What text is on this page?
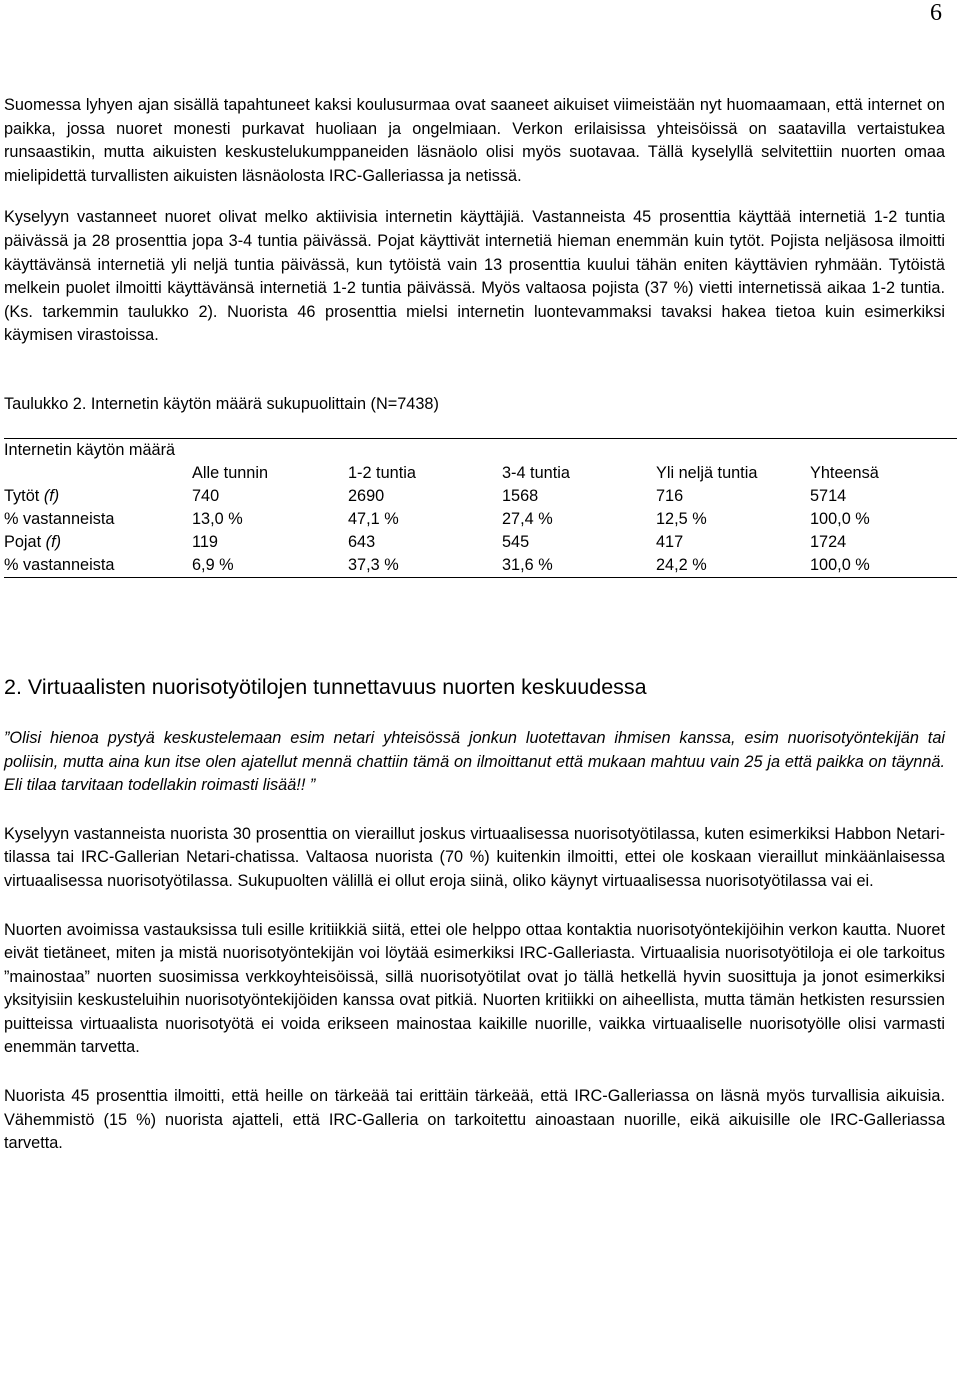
6

Suomessa lyhyen ajan sisällä tapahtuneet kaksi koulusurmaa ovat saaneet aikuiset viimeistään nyt huomaamaan, että internet on paikka, jossa nuoret monesti purkavat huoliaan ja ongelmiaan. Verkon erilaisissa yhteisöissä on saatavilla vertaistukea runsaastikin, mutta aikuisten keskustelukumppaneiden läsnäolo olisi myös suotavaa. Tällä kyselyllä selvitettiin nuorten omaa mielipidettä turvallisten aikuisten läsnäolosta IRC-Galleriassa ja netissä.

Kyselyyn vastanneet nuoret olivat melko aktiivisia internetin käyttäjiä. Vastanneista 45 prosenttia käyttää internetiä 1-2 tuntia päivässä ja 28 prosenttia jopa 3-4 tuntia päivässä. Pojat käyttivät internetiä hieman enemmän kuin tytöt. Pojista neljäsosa ilmoitti käyttävänsä internetiä yli neljä tuntia päivässä, kun tytöistä vain 13 prosenttia kuului tähän eniten käyttävien ryhmään. Tytöistä melkein puolet ilmoitti käyttävänsä internetiä 1-2 tuntia päivässä. Myös valtaosa pojista (37 %) vietti internetissä aikaa 1-2 tuntia. (Ks. tarkemmin taulukko 2). Nuorista 46 prosenttia mielsi internetin luontevammaksi tavaksi hakea tietoa kuin esimerkiksi käymisen virastoissa.

Taulukko 2. Internetin käytön määrä sukupuolittain (N=7438)
Internetin käytön määrä					
	Alle tunnin	1-2 tuntia	3-4 tuntia	Yli neljä tuntia	Yhteensä
Tytöt (f)	740	2690	1568	716	5714
% vastanneista	13,0 %	47,1 %	27,4 %	12,5 %	100,0 %
Pojat (f)	119	643	545	417	1724
% vastanneista	6,9 %	37,3 %	31,6 %	24,2 %	100,0 %
2. Virtuaalisten nuorisotyötilojen tunnettavuus nuorten keskuudessa

”Olisi hienoa pystyä keskustelemaan esim netari yhteisössä jonkun luotettavan ihmisen kanssa, esim nuorisotyöntekijän tai poliisin, mutta aina kun itse olen ajatellut mennä chattiin tämä on ilmoittanut että mukaan mahtuu vain 25 ja että paikka on täynnä. Eli tilaa tarvitaan todellakin roimasti lisää!! ”

Kyselyyn vastanneista nuorista 30 prosenttia on vieraillut joskus virtuaalisessa nuorisotyötilassa, kuten esimerkiksi Habbon Netari-tilassa tai IRC-Gallerian Netari-chatissa. Valtaosa nuorista (70 %) kuitenkin ilmoitti, ettei ole koskaan vieraillut minkäänlaisessa virtuaalisessa nuorisotyötilassa. Sukupuolten välillä ei ollut eroja siinä, oliko käynyt virtuaalisessa nuorisotyötilassa vai ei.

Nuorten avoimissa vastauksissa tuli esille kritiikkiä siitä, ettei ole helppo ottaa kontaktia nuorisotyöntekijöihin verkon kautta. Nuoret eivät tietäneet, miten ja mistä nuorisotyöntekijän voi löytää esimerkiksi IRC-Galleriasta. Virtuaalisia nuorisotyötiloja ei ole tarkoitus ”mainostaa” nuorten suosimissa verkkoyhteisöissä, sillä nuorisotyötilat ovat jo tällä hetkellä hyvin suosittuja ja jonot esimerkiksi yksityisiin keskusteluihin nuorisotyöntekijöiden kanssa ovat pitkiä. Nuorten kritiikki on aiheellista, mutta tämän hetkisten resurssien puitteissa virtuaalista nuorisotyötä ei voida erikseen mainostaa kaikille nuorille, vaikka virtuaaliselle nuorisotyölle olisi varmasti enemmän tarvetta.

Nuorista 45 prosenttia ilmoitti, että heille on tärkeää tai erittäin tärkeää, että IRC-Galleriassa on läsnä myös turvallisia aikuisia. Vähemmistö (15 %) nuorista ajatteli, että IRC-Galleria on tarkoitettu ainoastaan nuorille, eikä aikuisille ole IRC-Galleriassa tarvetta.
